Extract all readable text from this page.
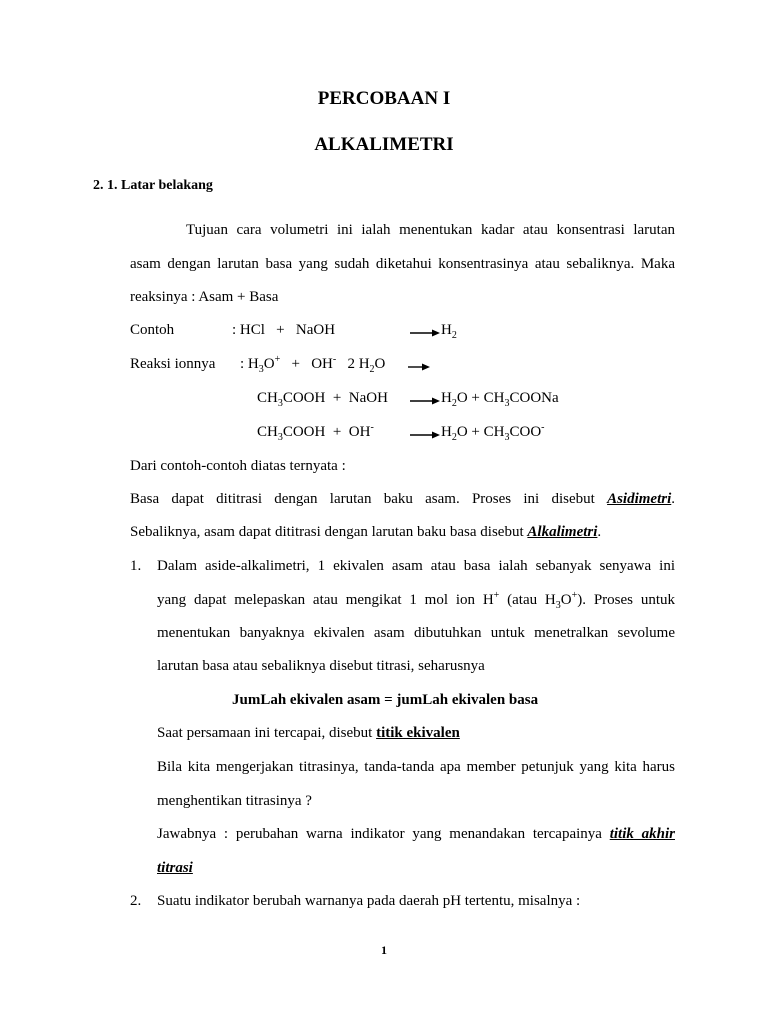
PERCOBAAN I
ALKALIMETRI
2. 1. Latar belakang
Tujuan cara volumetri ini ialah menentukan kadar atau konsentrasi larutan
asam dengan larutan basa yang sudah diketahui konsentrasinya atau sebaliknya. Maka
reaksinya : Asam + Basa
Contoh	: HCl   +   NaOH	$H_2$
Reaksi ionnya : $H_3O^+ + OH^-$   2 $H_2O$
$CH_3COOH$  +  NaOH	$H_2O$ + $CH_3COONa$
$CH_3COOH + OH^-$	$H_2O + CH_3COO^-$
Dari contoh-contoh diatas ternyata :
Basa dapat dititrasi dengan larutan baku asam. Proses ini disebut Asidimetri.
Sebaliknya, asam dapat dititrasi dengan larutan baku basa disebut Alkalimetri.
1. Dalam aside-alkalimetri, 1 ekivalen asam atau basa ialah sebanyak senyawa ini
yang dapat melepaskan atau mengikat 1 mol ion H+ (atau $H_3O^+$). Proses untuk
menentukan banyaknya ekivalen asam dibutuhkan untuk menetralkan sevolume
larutan basa atau sebaliknya disebut titrasi, seharusnya
JumLah ekivalen asam = jumLah ekivalen basa
Saat persamaan ini tercapai, disebut titik ekivalen
Bila kita mengerjakan titrasinya, tanda-tanda apa member petunjuk yang kita harus
menghentikan titrasinya ?
Jawabnya : perubahan warna indikator yang menandakan tercapainya titik akhir
titrasi
2. Suatu indikator berubah warnanya pada daerah pH tertentu, misalnya :
1
